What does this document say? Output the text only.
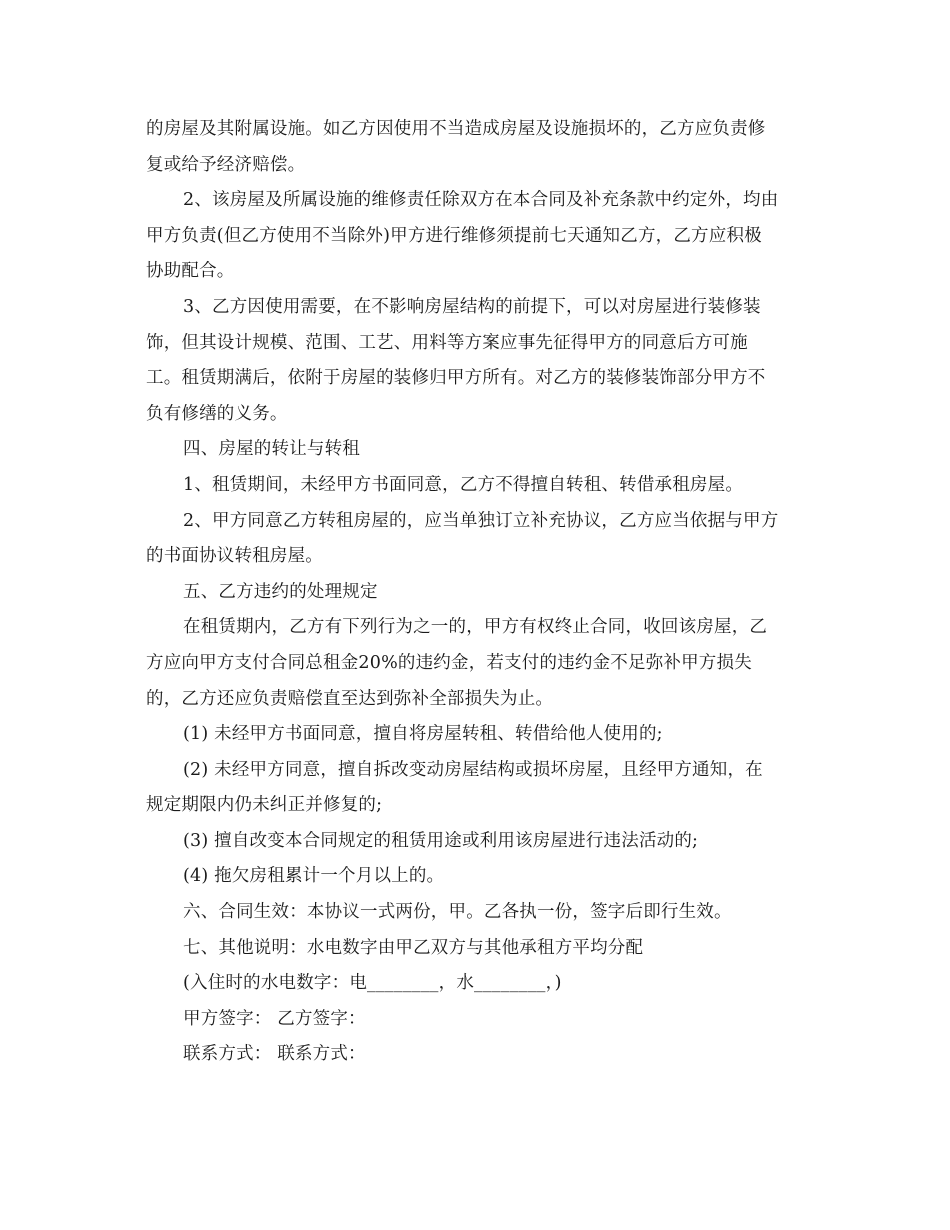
的房屋及其附属设施。如乙方因使用不当造成房屋及设施损坏的，乙方应负责修

复或给予经济赔偿。

2、该房屋及所属设施的维修责任除双方在本合同及补充条款中约定外，均由

甲方负责(但乙方使用不当除外)甲方进行维修须提前七天通知乙方，乙方应积极

协助配合。

3、乙方因使用需要，在不影响房屋结构的前提下，可以对房屋进行装修装

饰，但其设计规模、范围、工艺、用料等方案应事先征得甲方的同意后方可施

工。租赁期满后，依附于房屋的装修归甲方所有。对乙方的装修装饰部分甲方不

负有修缮的义务。

四、房屋的转让与转租

1、租赁期间，未经甲方书面同意，乙方不得擅自转租、转借承租房屋。

2、甲方同意乙方转租房屋的，应当单独订立补充协议，乙方应当依据与甲方

的书面协议转租房屋。

五、乙方违约的处理规定

在租赁期内，乙方有下列行为之一的，甲方有权终止合同，收回该房屋，乙

方应向甲方支付合同总租金20%的违约金，若支付的违约金不足弥补甲方损失

的，乙方还应负责赔偿直至达到弥补全部损失为止。

(1) 未经甲方书面同意，擅自将房屋转租、转借给他人使用的;

(2) 未经甲方同意，擅自拆改变动房屋结构或损坏房屋，且经甲方通知，在

规定期限内仍未纠正并修复的;

(3) 擅自改变本合同规定的租赁用途或利用该房屋进行违法活动的;

(4) 拖欠房租累计一个月以上的。

六、合同生效：本协议一式两份，甲。乙各执一份，签字后即行生效。

七、其他说明：水电数字由甲乙双方与其他承租方平均分配

(入住时的水电数字：电________，水________，)

甲方签字： 乙方签字：

联系方式： 联系方式：
